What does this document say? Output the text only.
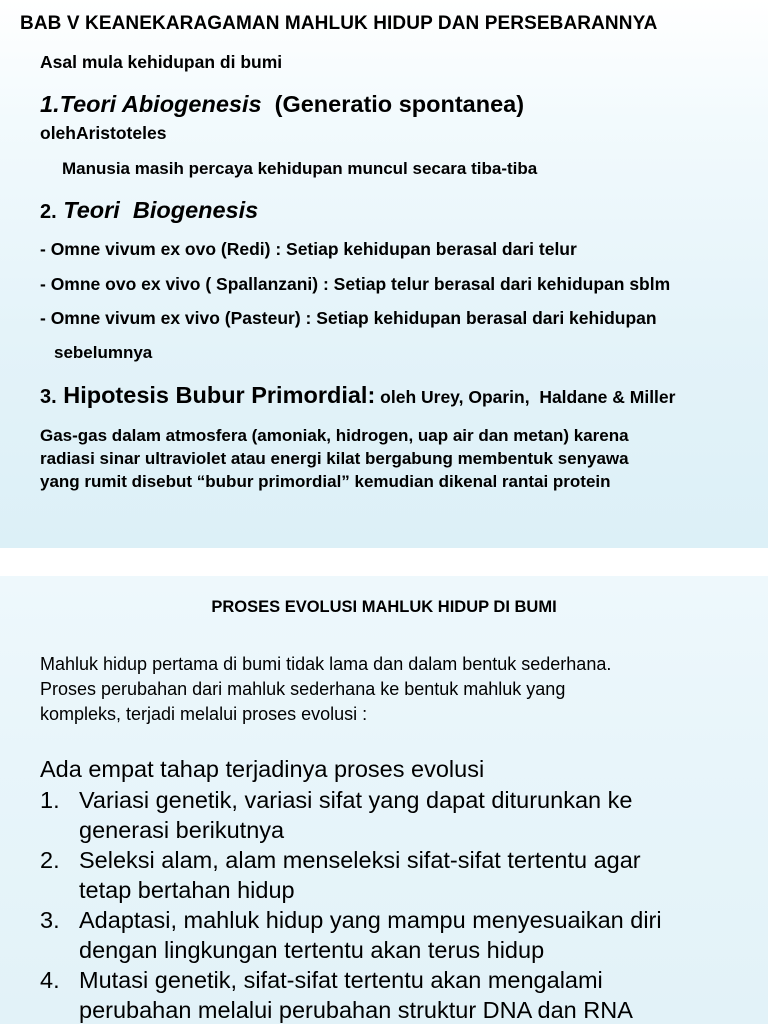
BAB V KEANEKARAGAMAN MAHLUK HIDUP DAN PERSEBARANNYA
Asal mula kehidupan di bumi
1.Teori Abiogenesis  (Generatio spontanea)
olehAristoteles
Manusia masih percaya kehidupan muncul secara tiba-tiba
2. Teori  Biogenesis
- Omne vivum ex ovo (Redi) : Setiap kehidupan berasal dari telur
- Omne ovo ex vivo ( Spallanzani) : Setiap telur berasal dari kehidupan sblm
- Omne vivum ex vivo (Pasteur) : Setiap kehidupan berasal dari kehidupan
sebelumnya
3. Hipotesis Bubur Primordial: oleh Urey, Oparin,  Haldane & Miller
Gas-gas dalam atmosfera (amoniak, hidrogen, uap air dan metan) karena
radiasi sinar ultraviolet atau energi kilat bergabung membentuk senyawa
yang rumit disebut “bubur primordial” kemudian dikenal rantai protein
PROSES EVOLUSI MAHLUK HIDUP DI BUMI
Mahluk hidup pertama di bumi tidak lama dan dalam bentuk sederhana.
Proses perubahan dari mahluk sederhana ke bentuk mahluk yang
kompleks, terjadi melalui proses evolusi :
Ada empat tahap terjadinya proses evolusi
1. Variasi genetik, variasi sifat yang dapat diturunkan ke
generasi berikutnya
2. Seleksi alam, alam menseleksi sifat-sifat tertentu agar
tetap bertahan hidup
3. Adaptasi, mahluk hidup yang mampu menyesuaikan diri
dengan lingkungan tertentu akan terus hidup
4. Mutasi genetik, sifat-sifat tertentu akan mengalami
perubahan melalui perubahan struktur DNA dan RNA
